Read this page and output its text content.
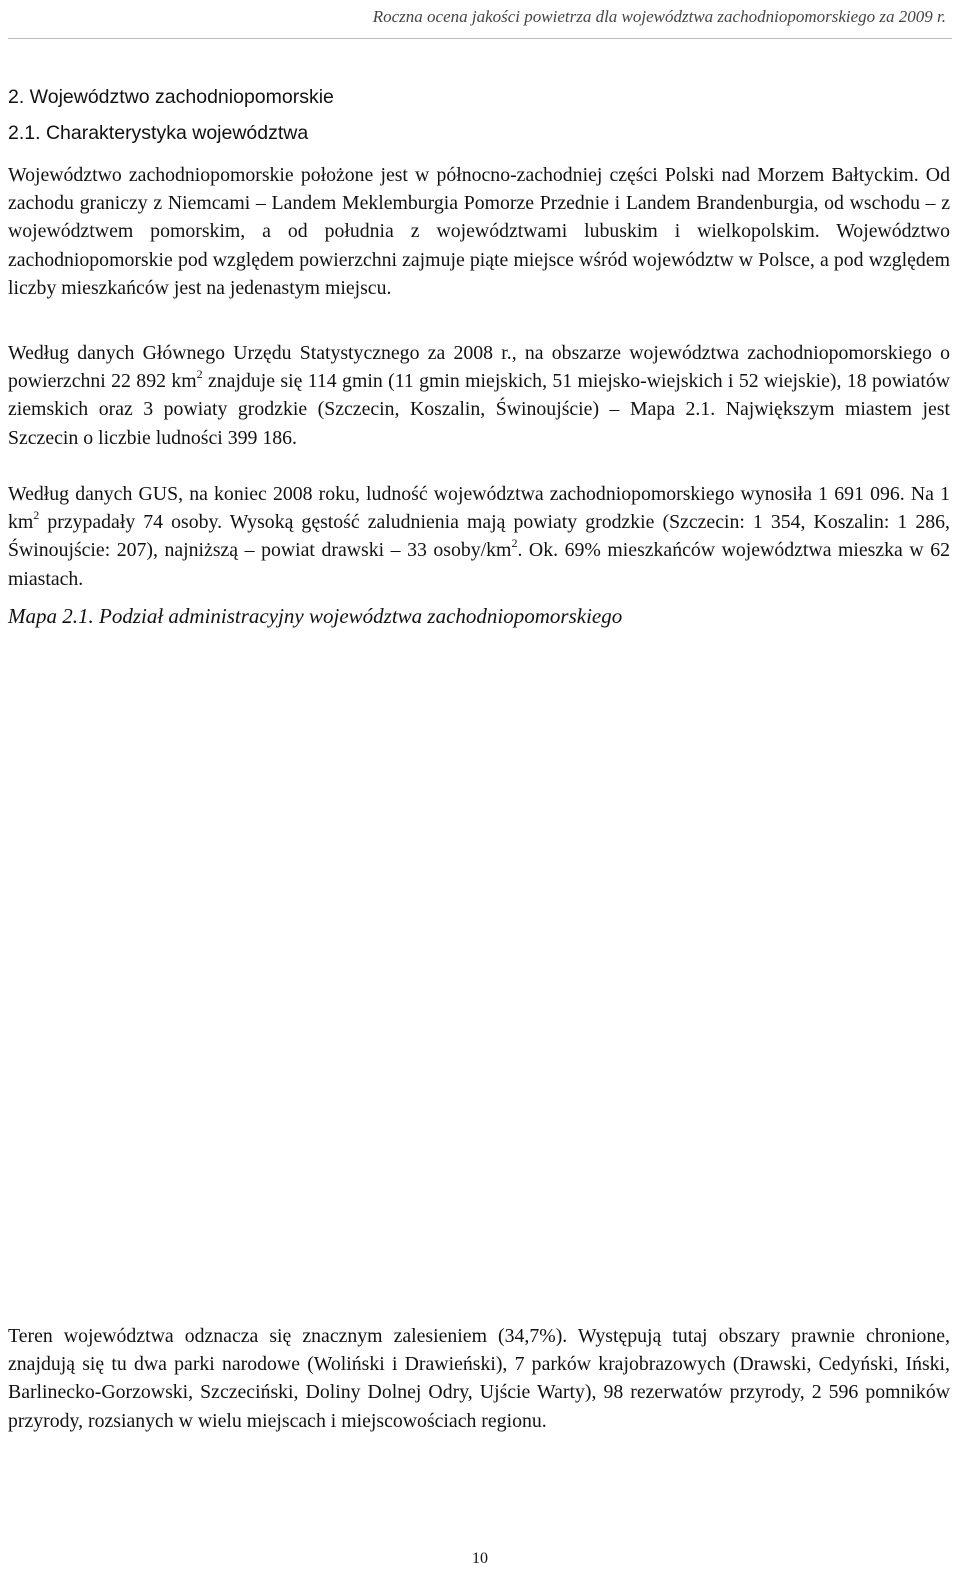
Roczna ocena jakości powietrza dla województwa zachodniopomorskiego za 2009 r.
2. Województwo zachodniopomorskie
2.1. Charakterystyka województwa

Województwo zachodniopomorskie położone jest w północno-zachodniej części Polski nad Morzem Bałtyckim. Od zachodu graniczy z Niemcami – Landem Meklemburgia Pomorze Przednie i Landem Brandenburgia, od wschodu – z województwem pomorskim, a od południa z województwami lubuskim i wielkopolskim. Województwo zachodniopomorskie pod względem powierzchni zajmuje piąte miejsce wśród województw w Polsce, a pod względem liczby mieszkańców jest na jedenastym miejscu.

Według danych Głównego Urzędu Statystycznego za 2008 r., na obszarze województwa zachodniopomorskiego o powierzchni 22 892 $km^2$ znajduje się 114 gmin (11 gmin miejskich, 51 miejsko-wiejskich i 52 wiejskie), 18 powiatów ziemskich oraz 3 powiaty grodzkie (Szczecin, Koszalin, Świnoujście) – Mapa 2.1. Największym miastem jest Szczecin o liczbie ludności 399 186.

Według danych GUS, na koniec 2008 roku, ludność województwa zachodniopomorskiego wynosiła 1 691 096. Na 1 $km^2$ przypadały 74 osoby. Wysoką gęstość zaludnienia mają powiaty grodzkie (Szczecin: 1 354, Koszalin: 1 286, Świnoujście: 207), najniższą – powiat drawski – 33 osoby/$km^2$. Ok. 69% mieszkańców województwa mieszka w 62 miastach.

Mapa 2.1. Podział administracyjny województwa zachodniopomorskiego

Teren województwa odznacza się znacznym zalesieniem (34,7%). Występują tutaj obszary prawnie chronione, znajdują się tu dwa parki narodowe (Woliński i Drawieński), 7 parków krajobrazowych (Drawski, Cedyński, Iński, Barlinecko-Gorzowski, Szczeciński, Doliny Dolnej Odry, Ujście Warty), 98 rezerwatów przyrody, 2 596 pomników przyrody, rozsianych w wielu miejscach i miejscowościach regionu.

10
